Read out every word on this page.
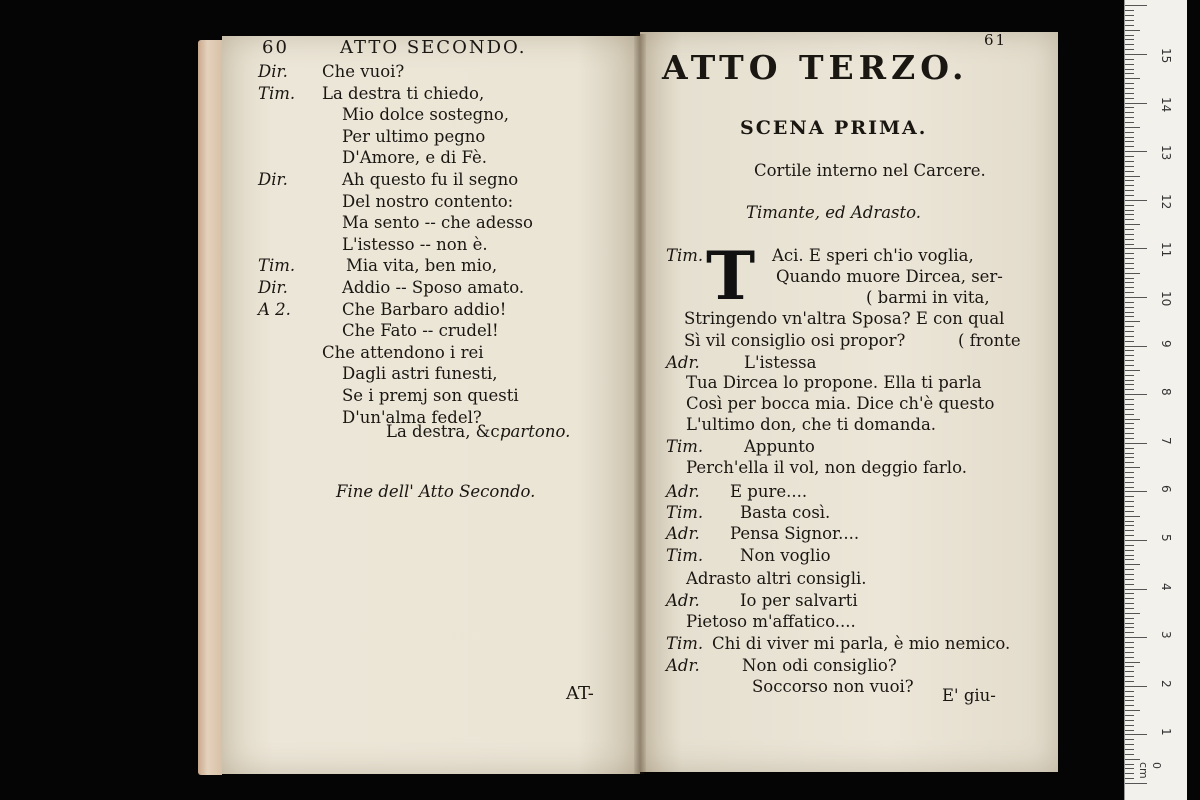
60	ATTO SECONDO.
Dir. Che vuoi?
Tim. La destra ti chiedo,
Mio dolce sostegno,
Per ultimo pegno
D'Amore, e di Fè.
Dir.	Ah questo fu il segno
Del nostro contento:
Ma sento -- che adesso
L'istesso -- non è.
Tim.	Mia vita, ben mio,
Dir.	Addio -- Sposo amato.
A 2.	Che Barbaro addio!
Che Fato -- crudel!
Che attendono i rei
Dagli astri funesti,
Se i premj son questi
D'un'alma fedel?
La destra, &c.
partono.
Fine dell' Atto Secondo.
AT-
61
ATTO TERZO.
SCENA PRIMA.
Cortile interno nel Carcere.
Timante, ed Adrasto.
T
Tim.	Aci. E speri ch'io voglia,
Quando muore Dircea, ser-
( barmi in vita,
Stringendo vn'altra Sposa? E con qual
Sì vil consiglio osi propor?	( fronte
Adr.	L'istessa
Tua Dircea lo propone. Ella ti parla
Così per bocca mia. Dice ch'è questo
L'ultimo don, che ti domanda.
Tim. Appunto
Perch'ella il vol, non deggio farlo.
Adr. E pure....
Tim. Basta così.
Adr. Pensa Signor....
Tim. Non voglio
Adrasto altri consigli.
Adr. Io per salvarti
Pietoso m'affatico....
Tim. Chi di viver mi parla, è mio nemico.
Adr.	Non odi consiglio?
Soccorso non vuoi? E' giu-
1
2
3
4
5
6
7
8
9
10
11
12
13
14
15
0 cm
